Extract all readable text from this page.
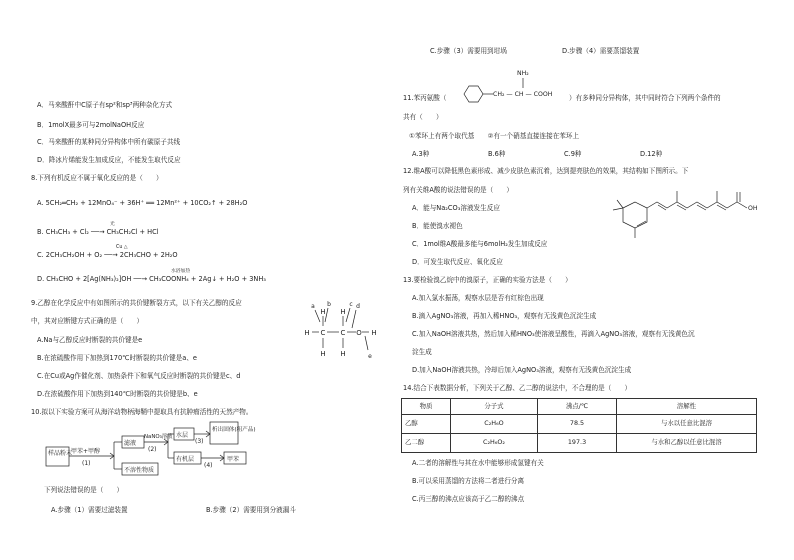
A．马来酸酐中C原子有sp²和sp³两种杂化方式
B．1molX最多可与2molNaOH反应
C．马来酸酐的某种同分异构体中所有碳原子共线
D．降冰片烯能发生加成反应，不能发生取代反应
8.下列有机反应不属于氧化反应的是（　　）
A. 5CH₂═CH₂ + 12MnO₄⁻ + 36H⁺ ══ 12Mn²⁺ + 10CO₂↑ + 28H₂O
B. CH₃CH₃ + Cl₂ ──→ CH₃CH₂Cl + HCl
光
C. 2CH₃CH₂OH + O₂ ──→ 2CH₃CHO + 2H₂O
Cu △
D. CH₃CHO + 2[Ag(NH₃)₂]OH ──→ CH₃COONH₄ + 2Ag↓ + H₂O + 3NH₃
水浴加热
9.乙醇在化学反应中有如图所示的共价键断裂方式，以下有关乙醇的反应
中，其对应断键方式正确的是（　　）
A.Na与乙醇反应时断裂的共价键是e
B.在浓硫酸作用下加热到170℃时断裂的共价键是a、e
C.在Cu或Ag作催化剂、加热条件下和氧气反应时断裂的共价键是c、d
D.在浓硫酸作用下加热到140℃时断裂的共价键是b、e
H H
H C C O H
H H
a b	c d
e
10.拟以下实验方案可从海洋动物柄海鞘中提取具有抗肿瘤活性的天然产物。
样品粉末
甲苯+甲醇
(1)
滤液
不溶性物质
NaNO₃溶液
(2)
水层
(3)
析出固体(粗产品)
有机层
(4)
甲苯
下列说法错误的是（　　）
A.步骤（1）需要过滤装置	B.步骤（2）需要用到分液漏斗
C.步骤（3）需要用到坩埚	D.步骤（4）需要蒸馏装置
11.苯丙氨酸（
NH₂
CH₂ — CH — COOH	）有多种同分异构体，其中同时符合下列两个条件的
共有（　　）
①苯环上有两个取代基　　②有一个硝基直接连接在苯环上
A.3种	B.6种	C.9种	D.12种
12.维A酸可以降低黑色素形成、减少皮肤色素沉着，达到提亮肤色的效果，其结构如下图所示。下
列有关维A酸的说法错误的是（　　）
A．能与Na₂CO₃溶液发生反应
B．能使溴水褪色
C．1mol维A酸最多能与6molH₂发生加成反应
D．可发生取代反应、氧化反应
OH
13.要检验溴乙烷中的溴原子，正确的实验方法是（　　）
A.加入氯水振荡，观察水层是否有红棕色出现
B.滴入AgNO₃溶液，再加入稀HNO₃，观察有无浅黄色沉淀生成
C.加入NaOH溶液共热，然后加入稀HNO₃使溶液呈酸性，再滴入AgNO₃溶液，观察有无浅黄色沉
淀生成
D.加入NaOH溶液共热，冷却后加入AgNO₃溶液，观察有无浅黄色沉淀生成
14.结合下表数据分析，下列关于乙醇、乙二醇的说法中，不合理的是（　　）
A.二者的溶解性与其在水中能够形成氢键有关
B.可以采用蒸馏的方法将二者进行分离
C.丙三醇的沸点应该高于乙二醇的沸点
物质	分子式	沸点/℃	溶解性
乙醇	C₂H₆O	78.5	与水以任意比混溶
乙二醇	C₂H₆O₂	197.3	与水和乙醇以任意比混溶
